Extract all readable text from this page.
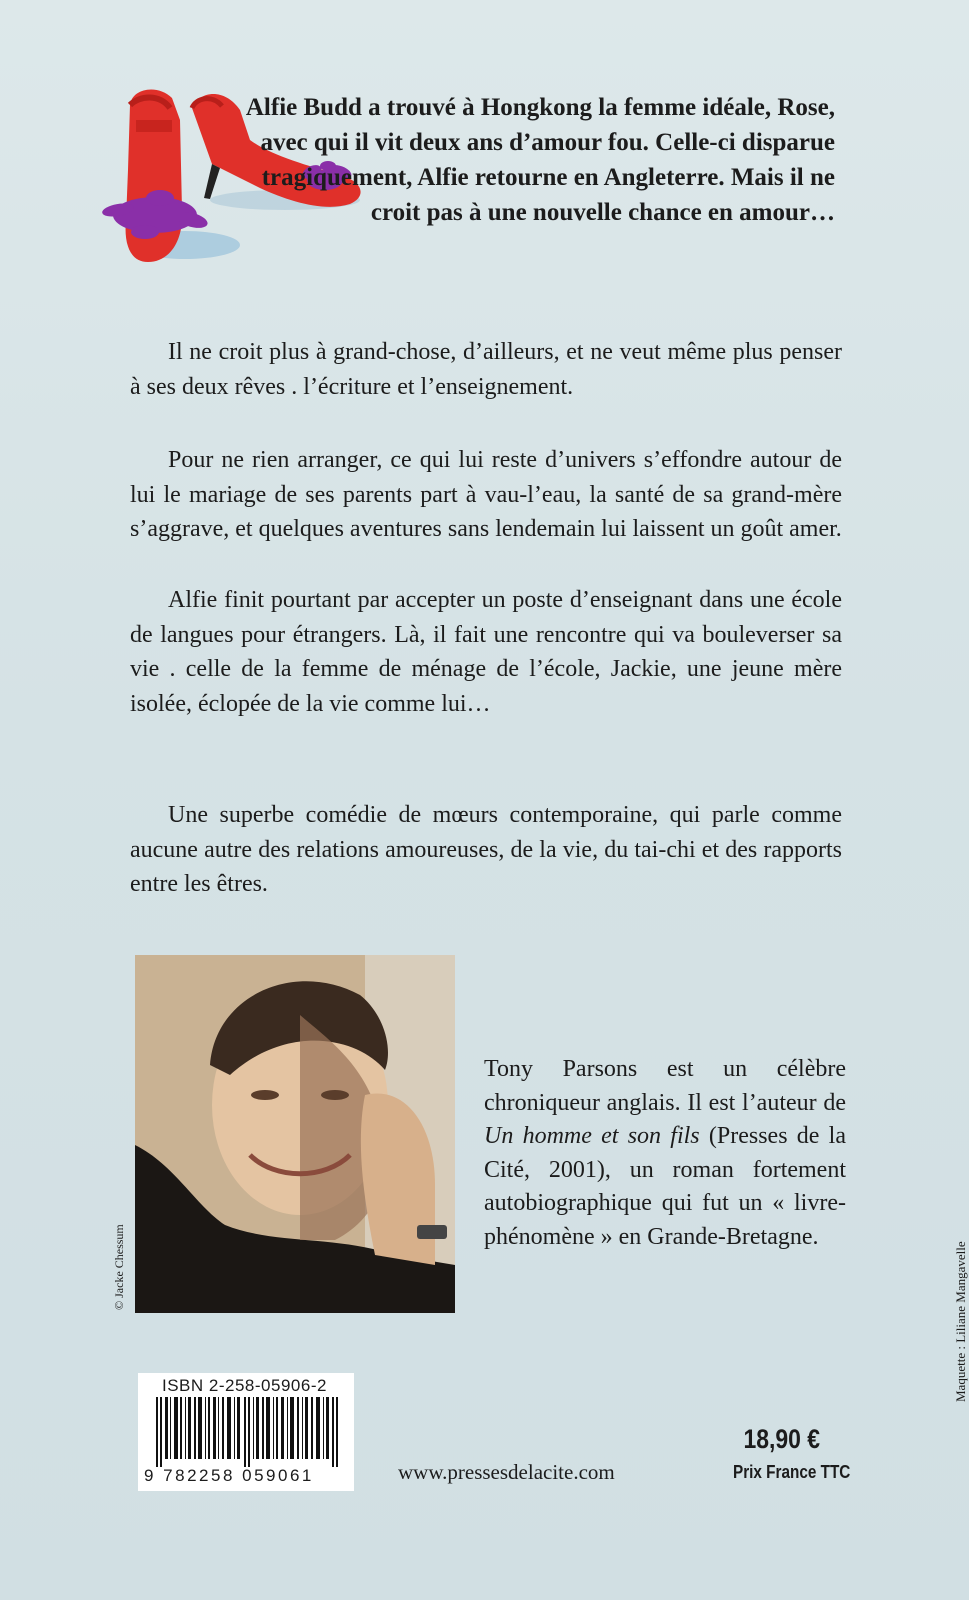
Alfie Budd a trouvé à Hongkong la femme idéale, Rose, avec qui il vit deux ans d’amour fou. Celle-ci disparue tragiquement, Alfie retourne en Angleterre. Mais il ne croit pas à une nouvelle chance en amour…

Il ne croit plus à grand-chose, d’ailleurs, et ne veut même plus penser à ses deux rêves . l’écriture et l’enseignement.

Pour ne rien arranger, ce qui lui reste d’univers s’effondre autour de lui le mariage de ses parents part à vau-l’eau, la santé de sa grand-mère s’aggrave, et quelques aventures sans lendemain lui laissent un goût amer.

Alfie finit pourtant par accepter un poste d’enseignant dans une école de langues pour étrangers. Là, il fait une rencontre qui va bouleverser sa vie . celle de la femme de ménage de l’école, Jackie, une jeune mère isolée, éclopée de la vie comme lui…

Une superbe comédie de mœurs contemporaine, qui parle comme aucune autre des relations amoureuses, de la vie, du tai-chi et des rapports entre les êtres.

© Jacke Chessum

Tony Parsons est un célèbre chroniqueur anglais. Il est l’auteur de Un homme et son fils (Presses de la Cité, 2001), un roman fortement autobiographique qui fut un « livre-phénomène » en Grande-Bretagne.

Maquette : Liliane Mangavelle
ISBN 2-258-05906-2
9 782258 059061	www.pressesdelacite.com
18,90 €
Prix France TTC
